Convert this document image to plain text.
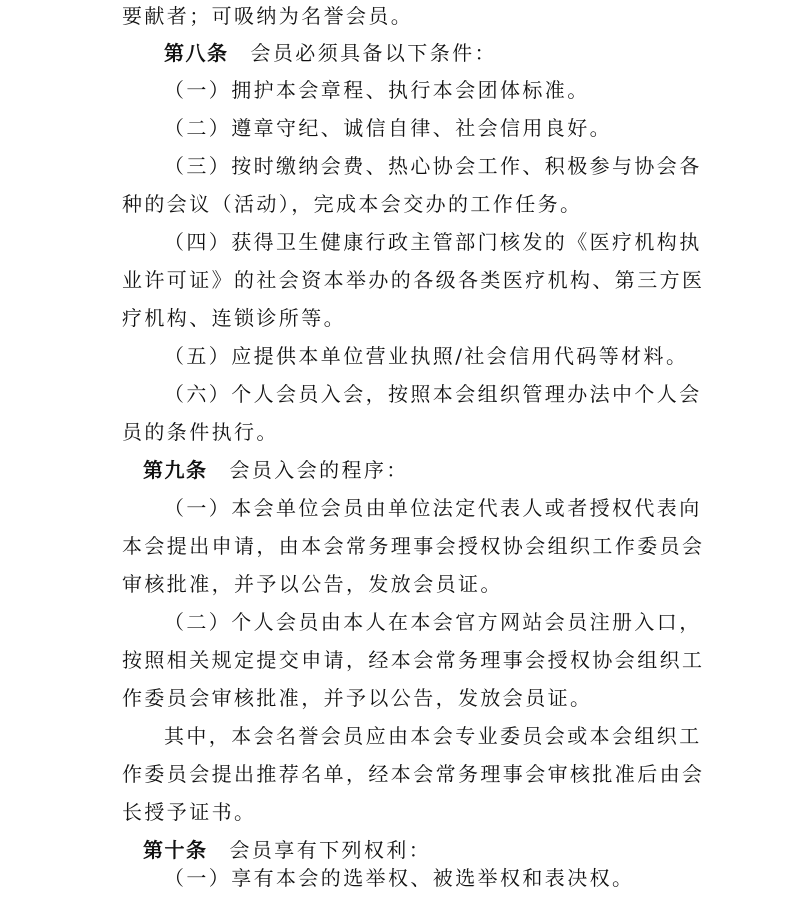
要献者；可吸纳为名誉会员。
第八条 会员必须具备以下条件：
（一）拥护本会章程、执行本会团体标准。
（二）遵章守纪、诚信自律、社会信用良好。
（三）按时缴纳会费、热心协会工作、积极参与协会各
种的会议（活动），完成本会交办的工作任务。
（四）获得卫生健康行政主管部门核发的《医疗机构执
业许可证》的社会资本举办的各级各类医疗机构、第三方医
疗机构、连锁诊所等。
（五）应提供本单位营业执照/社会信用代码等材料。
（六）个人会员入会，按照本会组织管理办法中个人会
员的条件执行。
第九条 会员入会的程序：
（一）本会单位会员由单位法定代表人或者授权代表向
本会提出申请，由本会常务理事会授权协会组织工作委员会
审核批准，并予以公告，发放会员证。
（二）个人会员由本人在本会官方网站会员注册入口，
按照相关规定提交申请，经本会常务理事会授权协会组织工
作委员会审核批准，并予以公告，发放会员证。
其中，本会名誉会员应由本会专业委员会或本会组织工
作委员会提出推荐名单，经本会常务理事会审核批准后由会
长授予证书。
第十条 会员享有下列权利：
（一）享有本会的选举权、被选举权和表决权。
